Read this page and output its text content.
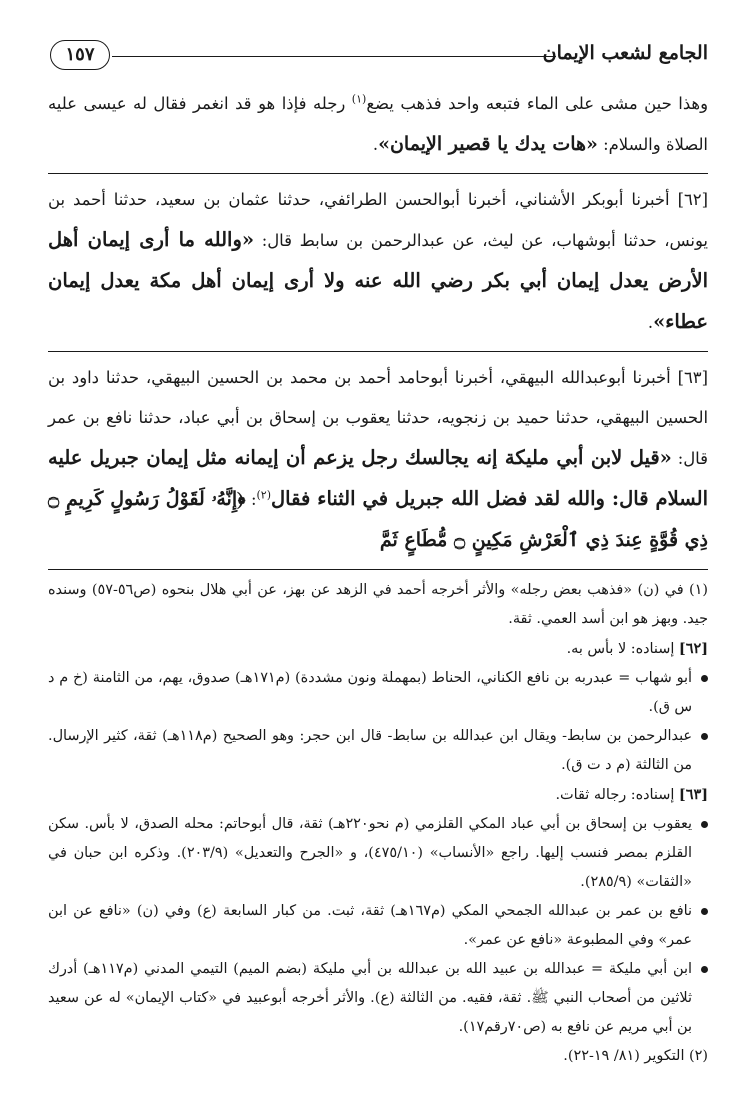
الجامع لشعب الإيمان
١٥٧

وهذا حين مشى على الماء فتبعه واحد فذهب يضع$^{(١)}$ رجله فإذا هو قد انغمر فقال له عيسى عليه الصلاة والسلام: «هات يدك يا قصير الإيمان».

[٦٢] أخبرنا أبوبكر الأشناني، أخبرنا أبوالحسن الطرائفي، حدثنا عثمان بن سعيد، حدثنا أحمد بن يونس، حدثنا أبوشهاب، عن ليث، عن عبدالرحمن بن سابط قال: «والله ما أرى إيمان أهل الأرض يعدل إيمان أبي بكر رضي الله عنه ولا أرى إيمان أهل مكة يعدل إيمان عطاء».

[٦٣] أخبرنا أبوعبدالله البيهقي، أخبرنا أبوحامد أحمد بن محمد بن الحسين البيهقي، حدثنا داود بن الحسين البيهقي، حدثنا حميد بن زنجويه، حدثنا يعقوب بن إسحاق بن أبي عباد، حدثنا نافع بن عمر قال: «قيل لابن أبي مليكة إنه يجالسك رجل يزعم أن إيمانه مثل إيمان جبريل عليه السلام قال: والله لقد فضل الله جبريل في الثناء فقال$^{(٢)}$: ﴿إِنَّهُۥ لَقَوْلُ رَسُولٍ كَرِيمٍ ۝ ذِي قُوَّةٍ عِندَ ذِي ٱلْعَرْشِ مَكِينٍ ۝ مُّطَاعٍ ثَمَّ

(١) في (ن) «فذهب بعض رجله» والأثر أخرجه أحمد في الزهد عن بهز، عن أبي هلال بنحوه (ص٥٦-٥٧) وسنده جيد. وبهز هو ابن أسد العمي. ثقة.

[٦٢] إسناده: لا بأس به.

أبو شهاب = عبدربه بن نافع الكناني، الحناط (بمهملة ونون مشددة) (م١٧١هـ) صدوق، يهم، من الثامنة (خ م د س ق).
عبدالرحمن بن سابط- ويقال ابن عبدالله بن سابط- قال ابن حجر: وهو الصحيح (م١١٨هـ) ثقة، كثير الإرسال. من الثالثة (م د ت ق).

[٦٣] إسناده: رجاله ثقات.

يعقوب بن إسحاق بن أبي عباد المكي القلزمي (م نحو٢٢٠هـ) ثقة، قال أبوحاتم: محله الصدق، لا بأس. سكن القلزم بمصر فنسب إليها. راجع «الأنساب» (٤٧٥/١٠)، و «الجرح والتعديل» (٢٠٣/٩). وذكره ابن حبان في «الثقات» (٢٨٥/٩).
نافع بن عمر بن عبدالله الجمحي المكي (م١٦٧هـ) ثقة، ثبت. من كبار السابعة (ع) وفي (ن) «نافع عن ابن عمر» وفي المطبوعة «نافع عن عمر».
ابن أبي مليكة = عبدالله بن عبيد الله بن عبدالله بن أبي مليكة (بضم الميم) التيمي المدني (م١١٧هـ) أدرك ثلاثين من أصحاب النبي ﷺ. ثقة، فقيه. من الثالثة (ع). والأثر أخرجه أبوعبيد في «كتاب الإيمان» له عن سعيد بن أبي مريم عن نافع به (ص٧٠رقم١٧).

(٢) التكوير (٨١/ ١٩-٢٢).
